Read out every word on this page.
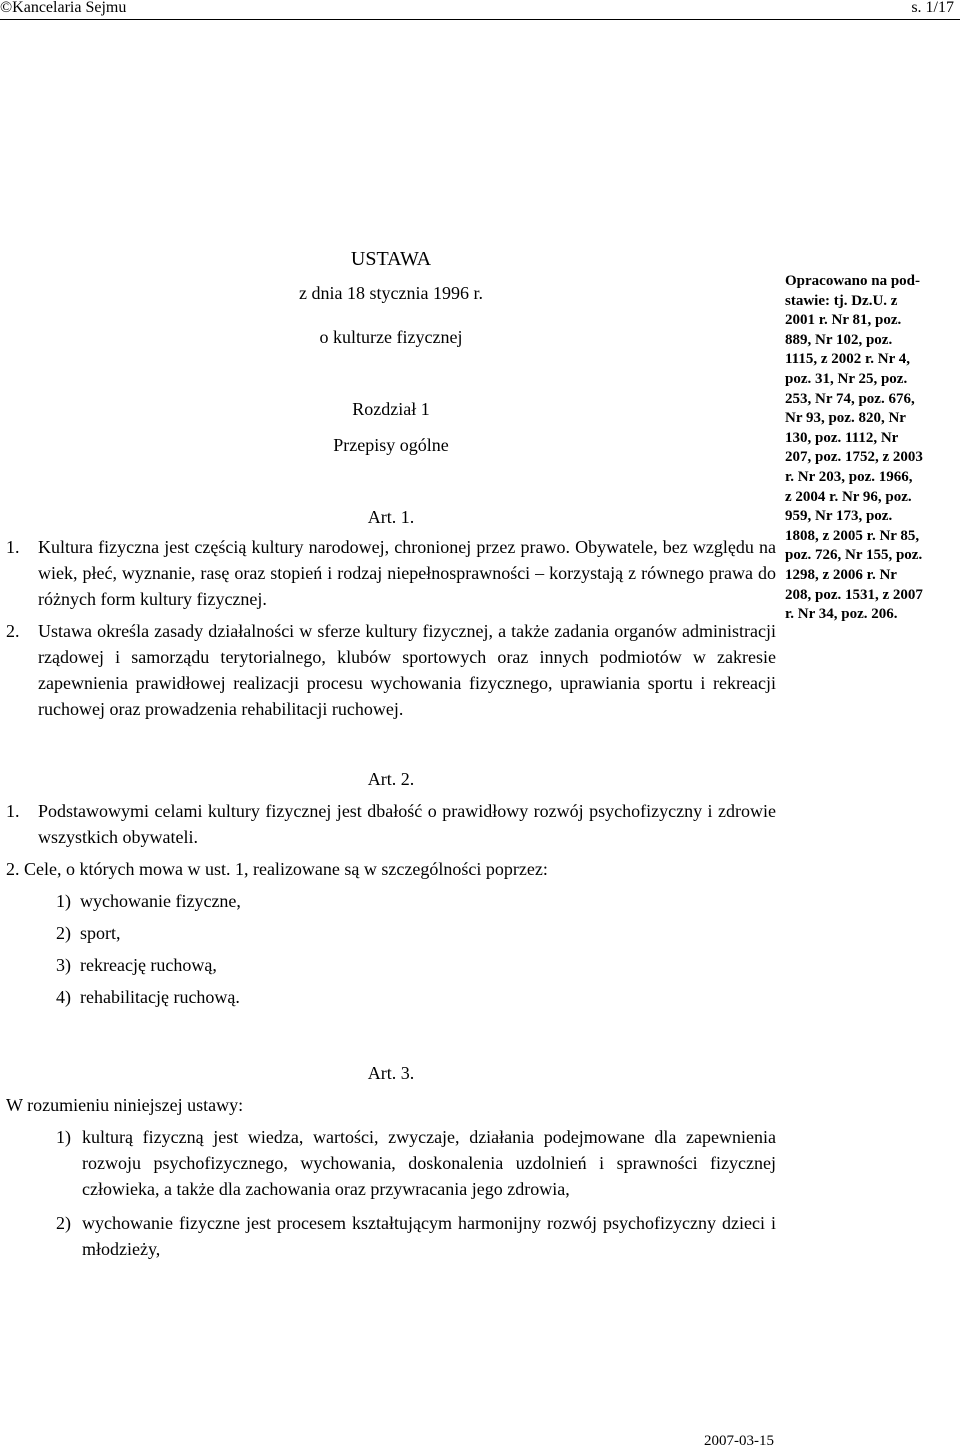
©Kancelaria Sejmu	s. 1/17
Opracowano na pod-
stawie: tj. Dz.U. z
2001 r. Nr 81, poz.
889, Nr 102, poz.
1115, z 2002 r. Nr 4,
poz. 31, Nr 25, poz.
253, Nr 74, poz. 676,
Nr 93, poz. 820, Nr
130, poz. 1112, Nr
207, poz. 1752, z 2003
r. Nr 203, poz. 1966,
z 2004 r. Nr 96, poz.
959, Nr 173, poz.
1808, z 2005 r. Nr 85,
poz. 726, Nr 155, poz.
1298, z 2006 r. Nr
208, poz. 1531, z 2007
r. Nr 34, poz. 206.

USTAWA

z dnia 18 stycznia 1996 r.

o kulturze fizycznej

Rozdział 1

Przepisy ogólne

Art. 1.

1. Kultura fizyczna jest częścią kultury narodowej, chronionej przez prawo. Obywatele, bez względu na wiek, płeć, wyznanie, rasę oraz stopień i rodzaj niepełnosprawności – korzystają z równego prawa do różnych form kultury fizycznej.
2. Ustawa określa zasady działalności w sferze kultury fizycznej, a także zadania organów administracji rządowej i samorządu terytorialnego, klubów sportowych oraz innych podmiotów w zakresie zapewnienia prawidłowej realizacji procesu wychowania fizycznego, uprawiania sportu i rekreacji ruchowej oraz prowadzenia rehabilitacji ruchowej.

Art. 2.

1. Podstawowymi celami kultury fizycznej jest dbałość o prawidłowy rozwój psychofizyczny i zdrowie wszystkich obywateli.

2. Cele, o których mowa w ust. 1, realizowane są w szczególności poprzez:

1) wychowanie fizyczne,
2) sport,
3) rekreację ruchową,
4) rehabilitację ruchową.

Art. 3.

W rozumieniu niniejszej ustawy:

1) kulturą fizyczną jest wiedza, wartości, zwyczaje, działania podejmowane dla zapewnienia rozwoju psychofizycznego, wychowania, doskonalenia uzdolnień i sprawności fizycznej człowieka, a także dla zachowania oraz przywracania jego zdrowia,
2) wychowanie fizyczne jest procesem kształtującym harmonijny rozwój psychofizyczny dzieci i młodzieży,
2007-03-15
